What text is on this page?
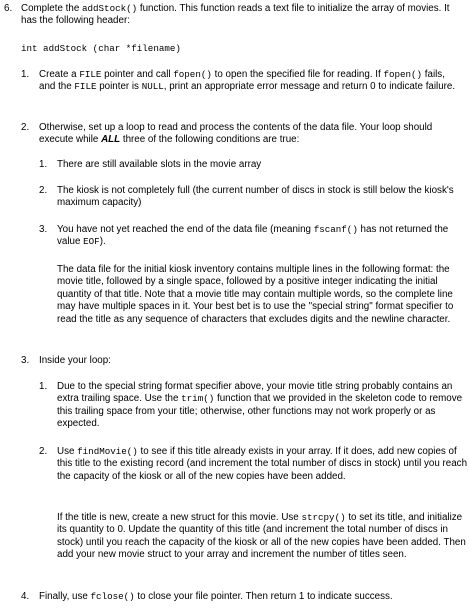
6. Complete the addStock() function. This function reads a text file to initialize the array of movies. It has the following header:

int addStock (char *filename)

1. Create a FILE pointer and call fopen() to open the specified file for reading. If fopen() fails, and the FILE pointer is NULL, print an appropriate error message and return 0 to indicate failure.

2. Otherwise, set up a loop to read and process the contents of the data file. Your loop should execute while ALL three of the following conditions are true:

1. There are still available slots in the movie array

2. The kiosk is not completely full (the current number of discs in stock is still below the kiosk's maximum capacity)

3. You have not yet reached the end of the data file (meaning fscanf() has not returned the value EOF).

The data file for the initial kiosk inventory contains multiple lines in the following format: the movie title, followed by a single space, followed by a positive integer indicating the initial quantity of that title. Note that a movie title may contain multiple words, so the complete line may have multiple spaces in it. Your best bet is to use the "special string" format specifier to read the title as any sequence of characters that excludes digits and the newline character.

3. Inside your loop:

1. Due to the special string format specifier above, your movie title string probably contains an extra trailing space. Use the trim() function that we provided in the skeleton code to remove this trailing space from your title; otherwise, other functions may not work properly or as expected.

2. Use findMovie() to see if this title already exists in your array. If it does, add new copies of this title to the existing record (and increment the total number of discs in stock) until you reach the capacity of the kiosk or all of the new copies have been added.

If the title is new, create a new struct for this movie. Use strcpy() to set its title, and initialize its quantity to 0. Update the quantity of this title (and increment the total number of discs in stock) until you reach the capacity of the kiosk or all of the new copies have been added. Then add your new movie struct to your array and increment the number of titles seen.

4. Finally, use fclose() to close your file pointer. Then return 1 to indicate success.
